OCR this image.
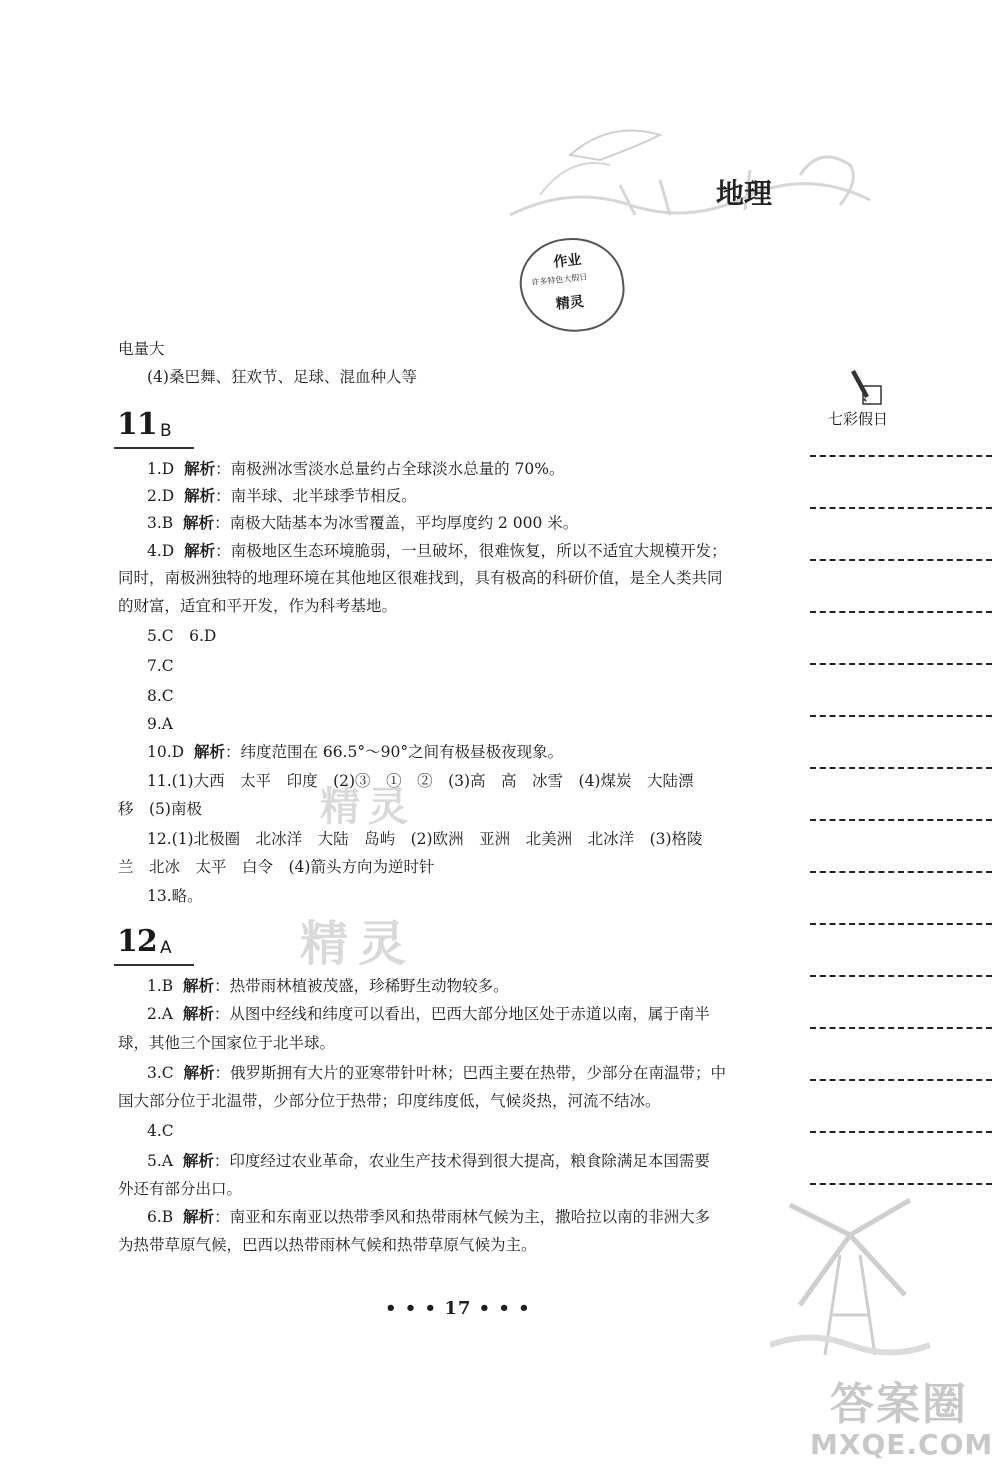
地理
作业
许多特色大假日
精灵
七彩假日
精灵
精灵
电量大
(4)桑巴舞、狂欢节、足球、混血种人等
11 B
1.D 解析：南极洲冰雪淡水总量约占全球淡水总量的 70%。
2.D 解析：南半球、北半球季节相反。
3.B 解析：南极大陆基本为冰雪覆盖，平均厚度约 2 000 米。
4.D 解析：南极地区生态环境脆弱，一旦破坏，很难恢复，所以不适宜大规模开发；
同时，南极洲独特的地理环境在其他地区很难找到，具有极高的科研价值，是全人类共同
的财富，适宜和平开发，作为科考基地。
5.C　6.D
7.C
8.C
9.A
10.D 解析：纬度范围在 66.5°～90°之间有极昼极夜现象。
11.(1)大西　太平　印度　(2)③　①　②　(3)高　高　冰雪　(4)煤炭　大陆漂
移　(5)南极
12.(1)北极圈　北冰洋　大陆　岛屿　(2)欧洲　亚洲　北美洲　北冰洋　(3)格陵
兰　北冰　太平　白令　(4)箭头方向为逆时针
13.略。
12 A
1.B 解析：热带雨林植被茂盛，珍稀野生动物较多。
2.A 解析：从图中经线和纬度可以看出，巴西大部分地区处于赤道以南，属于南半
球，其他三个国家位于北半球。
3.C 解析：俄罗斯拥有大片的亚寒带针叶林；巴西主要在热带，少部分在南温带；中
国大部分位于北温带，少部分位于热带；印度纬度低，气候炎热，河流不结冰。
4.C
5.A 解析：印度经过农业革命，农业生产技术得到很大提高，粮食除满足本国需要
外还有部分出口。
6.B 解析：南亚和东南亚以热带季风和热带雨林气候为主，撒哈拉以南的非洲大多
为热带草原气候，巴西以热带雨林气候和热带草原气候为主。
• • • 17 • • •
答案圈
MXQE.COM
